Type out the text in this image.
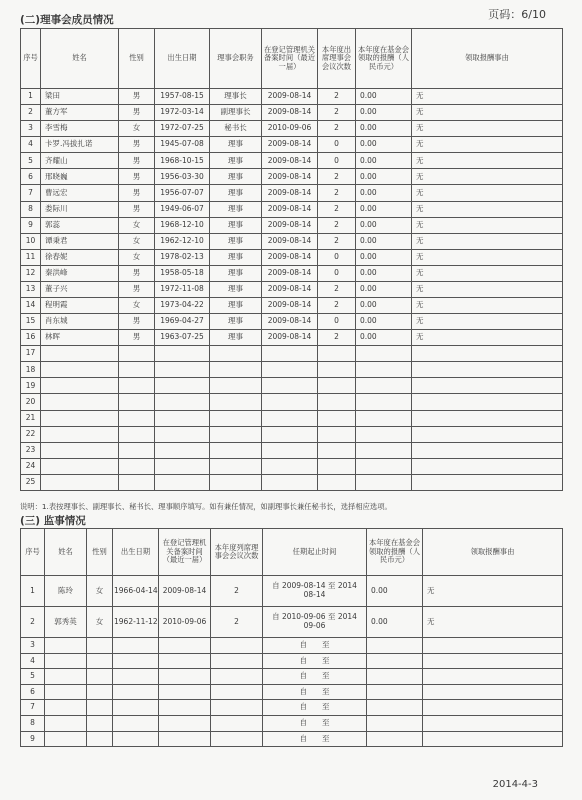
页码：6/10
(二)理事会成员情况
序号	姓名	性别	出生日期	理事会职务	在登记管理机关备案时间（最近一届）	本年度出席理事会会议次数	本年度在基金会领取的报酬（人民币元）	领取报酬事由
1	梁田	男	1957-08-15	理事长	2009-08-14	2	0.00	无
2	董方军	男	1972-03-14	副理事长	2009-08-14	2	0.00	无
3	李雪梅	女	1972-07-25	秘书长	2010-09-06	2	0.00	无
4	卡罗.冯拔扎诺	男	1945-07-08	理事	2009-08-14	0	0.00	无
5	齐耀山	男	1968-10-15	理事	2009-08-14	0	0.00	无
6	邢晓巍	男	1956-03-30	理事	2009-08-14	2	0.00	无
7	曹远宏	男	1956-07-07	理事	2009-08-14	2	0.00	无
8	娄际川	男	1949-06-07	理事	2009-08-14	2	0.00	无
9	郭蕊	女	1968-12-10	理事	2009-08-14	2	0.00	无
10	谭秉君	女	1962-12-10	理事	2009-08-14	2	0.00	无
11	徐春妮	女	1978-02-13	理事	2009-08-14	0	0.00	无
12	秦洪峰	男	1958-05-18	理事	2009-08-14	0	0.00	无
13	董子兴	男	1972-11-08	理事	2009-08-14	2	0.00	无
14	程明霞	女	1973-04-22	理事	2009-08-14	2	0.00	无
15	肖东城	男	1969-04-27	理事	2009-08-14	0	0.00	无
16	林晖	男	1963-07-25	理事	2009-08-14	2	0.00	无
17								
18								
19								
20								
21								
22								
23								
24								
25								
说明：1.表按理事长、副理事长、秘书长、理事顺序填写。如有兼任情况，如副理事长兼任秘书长，选择相应选项。
(三) 监事情况
序号	姓名	性别	出生日期	在登记管理机关备案时间（最近一届）	本年度列席理事会会议次数	任期起止时间	本年度在基金会领取的报酬（人民币元）	领取报酬事由
1	陈玲	女	1966-04-14	2009-08-14	2	自 2009-08-14 至 2014
08-14	0.00	无
2	郭秀英	女	1962-11-12	2010-09-06	2	自 2010-09-06 至 2014
09-06	0.00	无
3						自　　至		
4						自　　至		
5						自　　至		
6						自　　至		
7						自　　至		
8						自　　至		
9						自　　至		
2014-4-3
